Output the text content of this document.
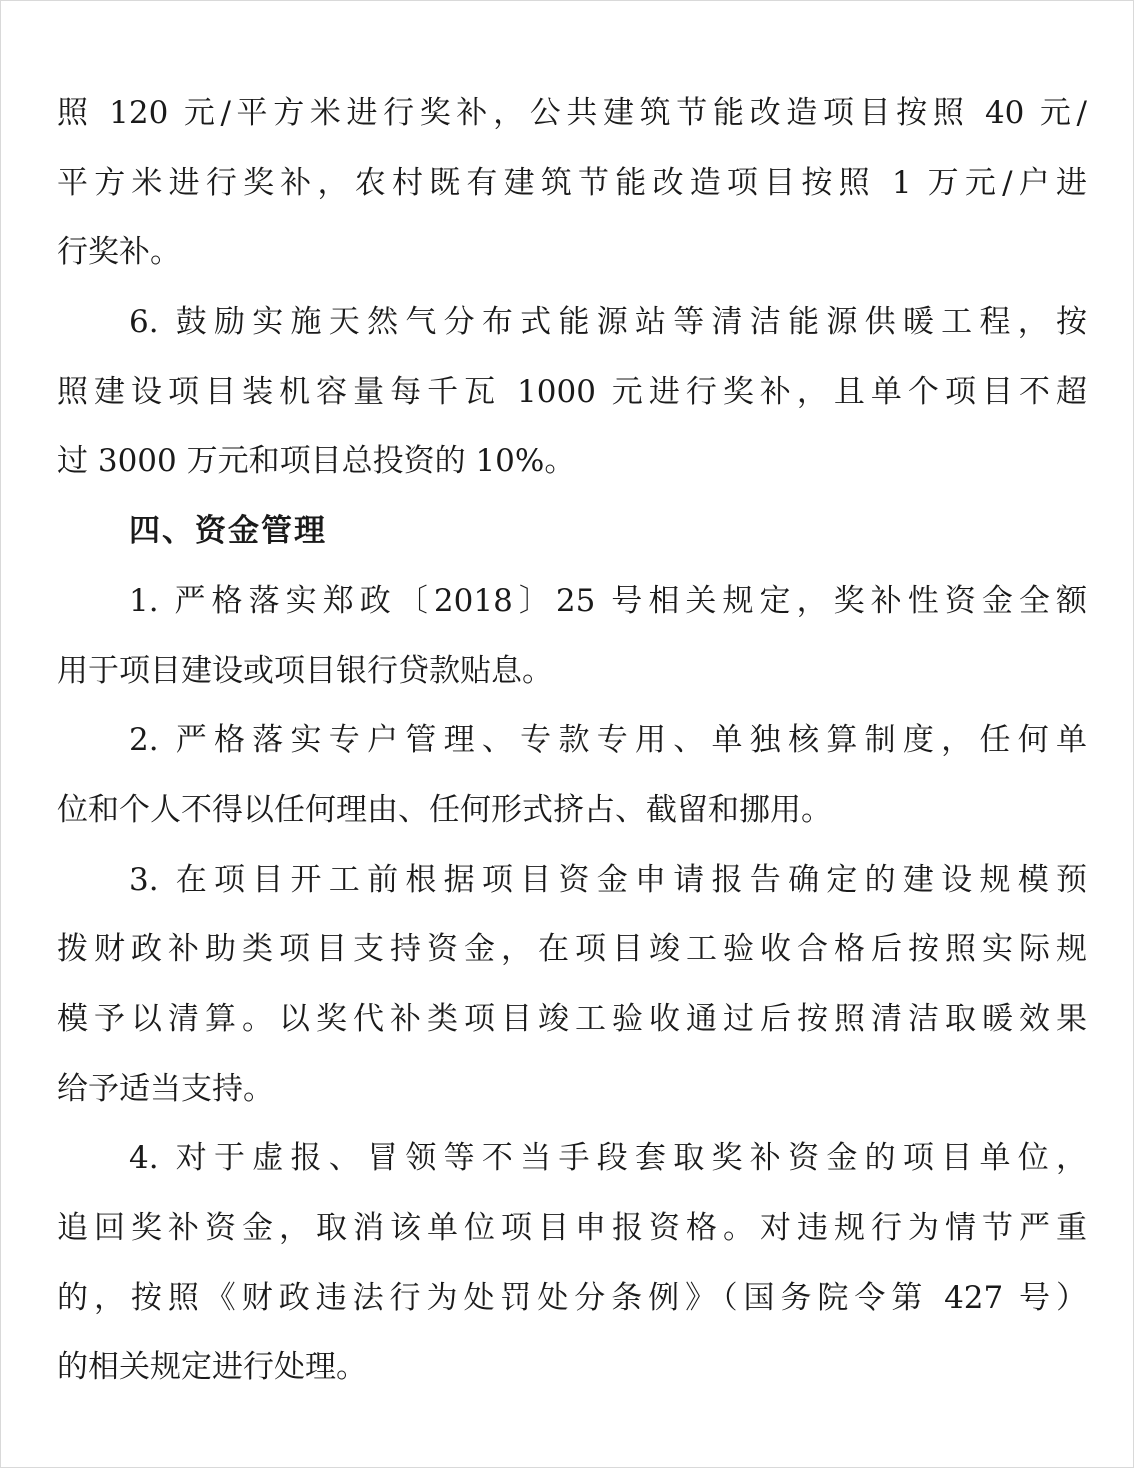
照 120 元/平方米进行奖补，公共建筑节能改造项目按照 40 元/
平方米进行奖补，农村既有建筑节能改造项目按照 1 万元/户进
行奖补。
6. 鼓励实施天然气分布式能源站等清洁能源供暖工程，按
照建设项目装机容量每千瓦 1000 元进行奖补，且单个项目不超
过 3000 万元和项目总投资的 10%。
四、资金管理
1. 严格落实郑政〔2018〕25 号相关规定，奖补性资金全额
用于项目建设或项目银行贷款贴息。
2. 严格落实专户管理、专款专用、单独核算制度，任何单
位和个人不得以任何理由、任何形式挤占、截留和挪用。
3. 在项目开工前根据项目资金申请报告确定的建设规模预
拨财政补助类项目支持资金，在项目竣工验收合格后按照实际规
模予以清算。以奖代补类项目竣工验收通过后按照清洁取暖效果
给予适当支持。
4. 对于虚报、冒领等不当手段套取奖补资金的项目单位，
追回奖补资金，取消该单位项目申报资格。对违规行为情节严重
的，按照《财政违法行为处罚处分条例》（国务院令第 427 号）
的相关规定进行处理。
